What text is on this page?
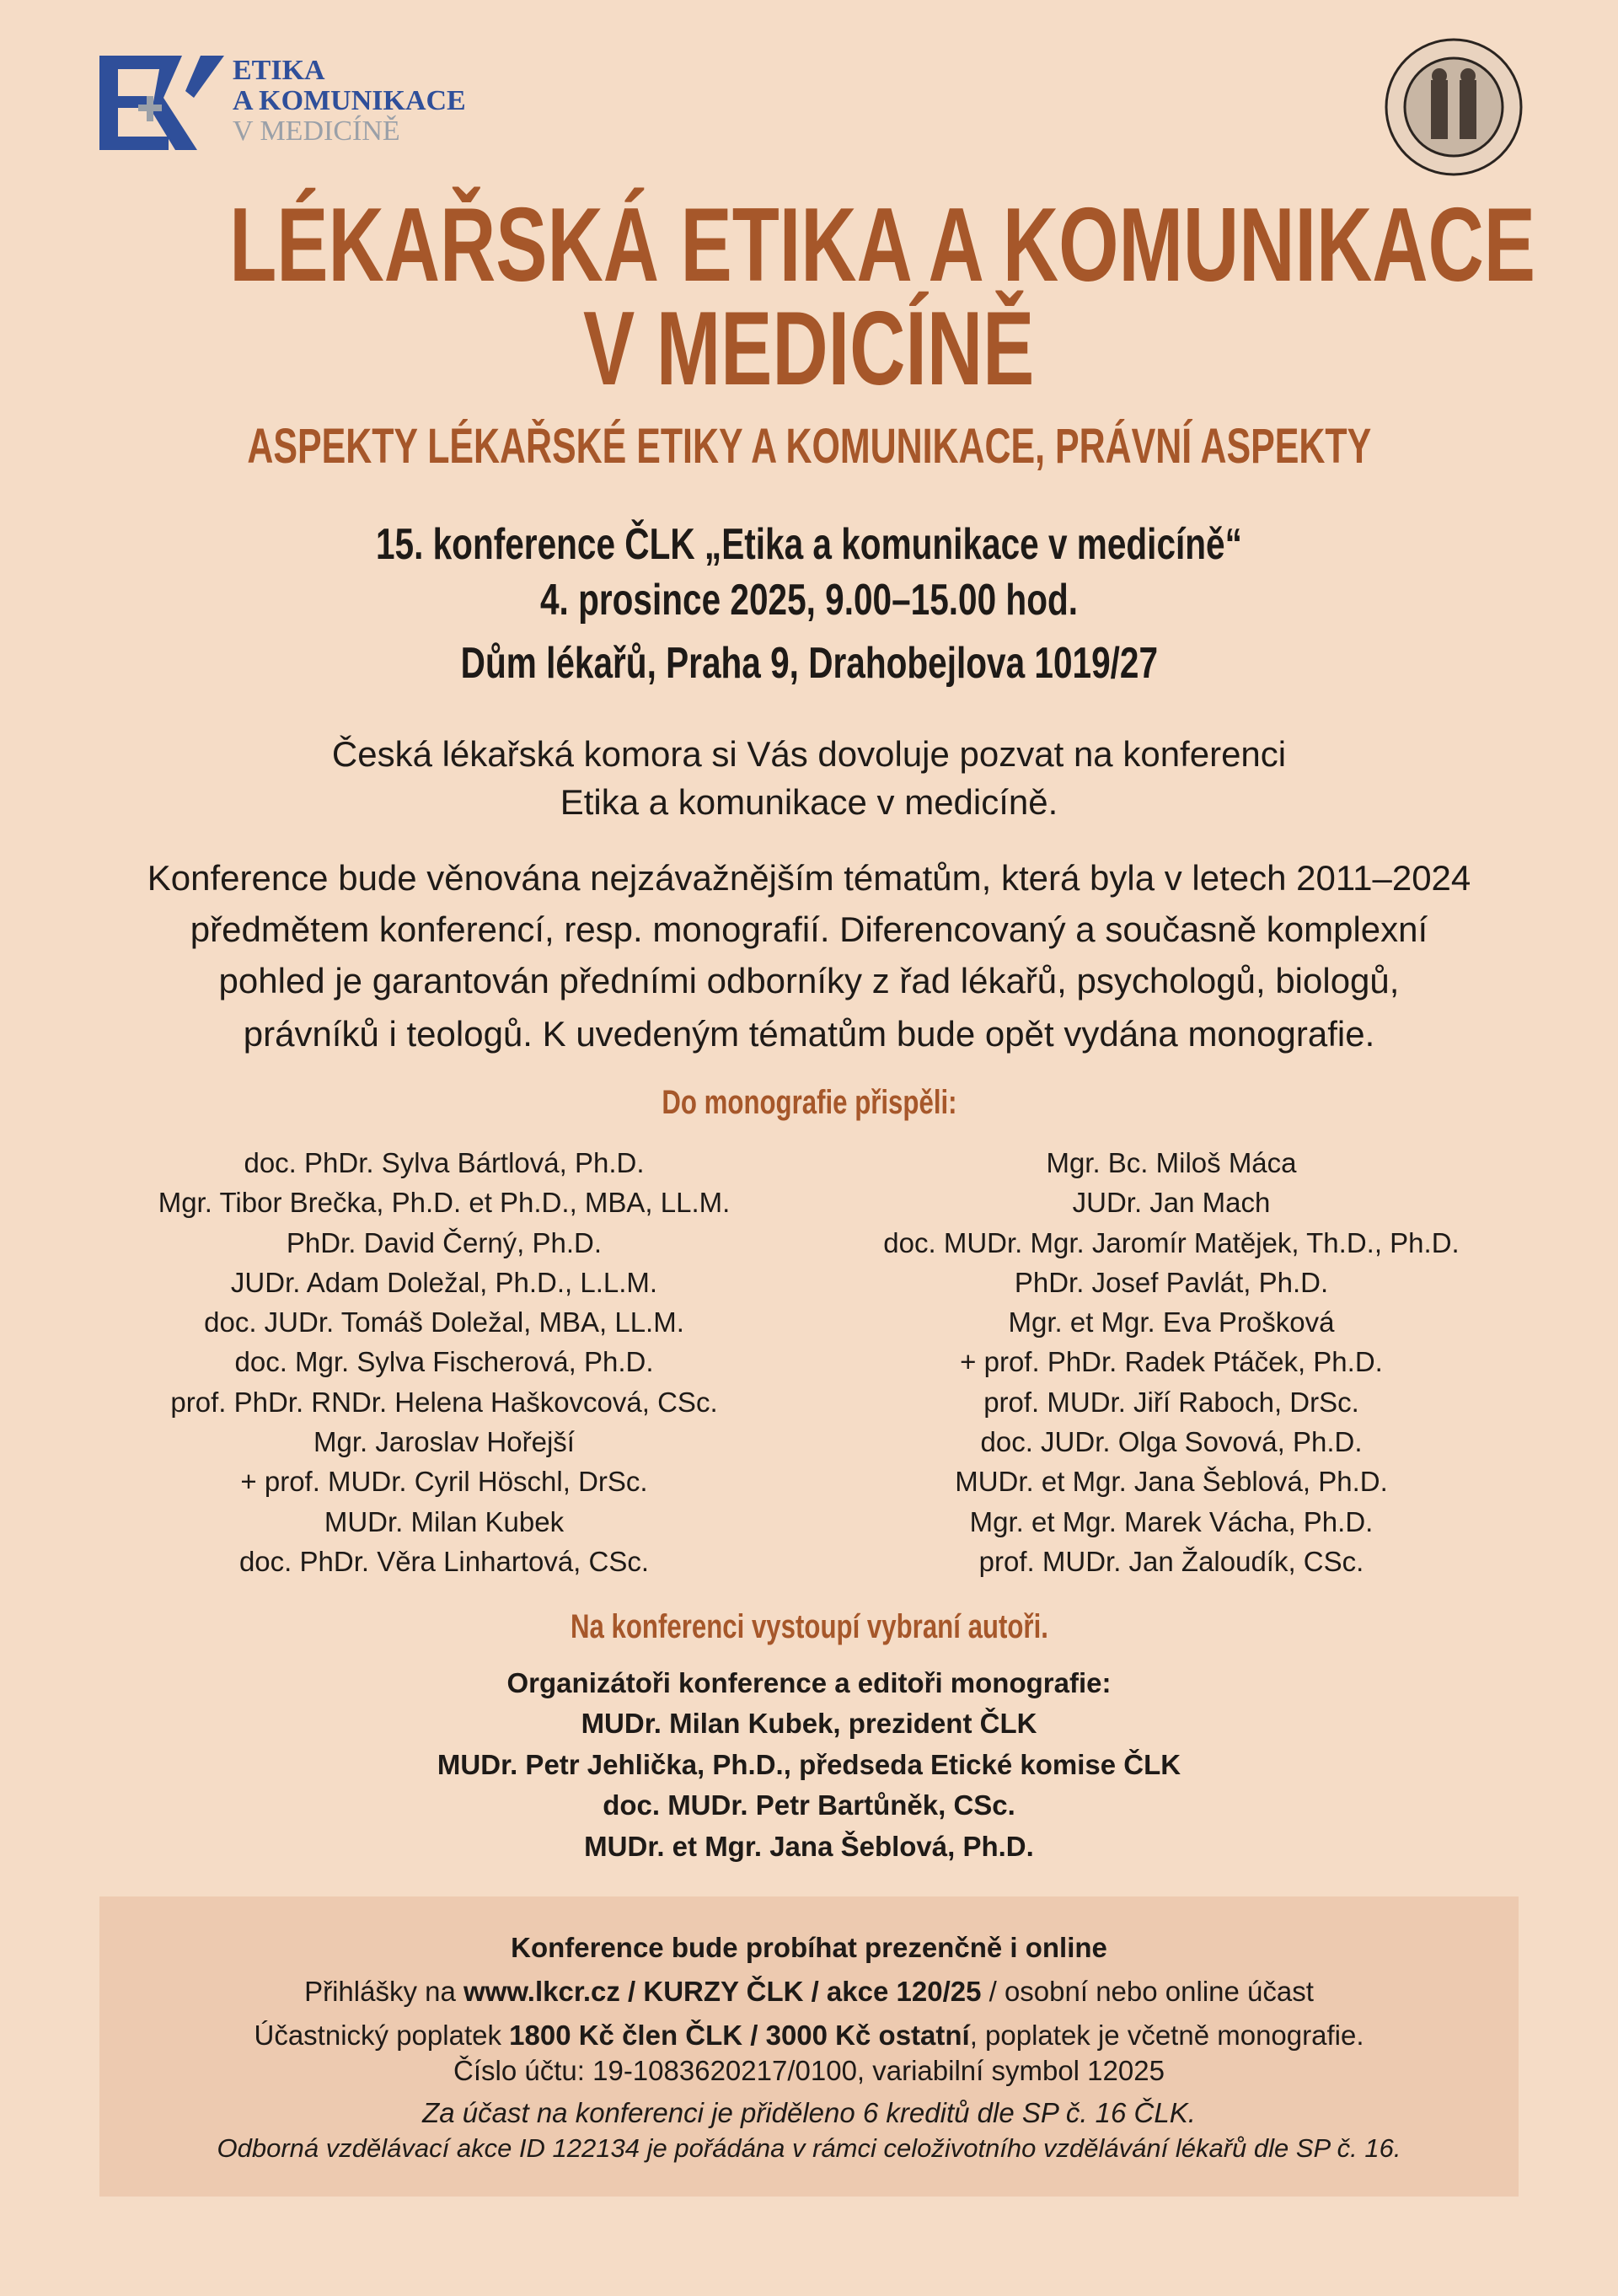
ETIKA
A KOMUNIKACE
V MEDICÍNĚ
LÉKAŘSKÁ ETIKA A KOMUNIKACE
V MEDICÍNĚ
ASPEKTY LÉKAŘSKÉ ETIKY A KOMUNIKACE, PRÁVNÍ ASPEKTY
15. konference ČLK „Etika a komunikace v medicíně“
4. prosince 2025, 9.00–15.00 hod.
Dům lékařů, Praha 9, Drahobejlova 1019/27
Česká lékařská komora si Vás dovoluje pozvat na konferenci
Etika a komunikace v medicíně.
Konference bude věnována nejzávažnějším tématům, která byla v letech 2011–2024
předmětem konferencí, resp. monografií. Diferencovaný a současně komplexní
pohled je garantován předními odborníky z řad lékařů, psychologů, biologů,
právníků i teologů. K uvedeným tématům bude opět vydána monografie.
Do monografie přispěli:
doc. PhDr. Sylva Bártlová, Ph.D.
Mgr. Tibor Brečka, Ph.D. et Ph.D., MBA, LL.M.
PhDr. David Černý, Ph.D.
JUDr. Adam Doležal, Ph.D., L.L.M.
doc. JUDr. Tomáš Doležal, MBA, LL.M.
doc. Mgr. Sylva Fischerová, Ph.D.
prof. PhDr. RNDr. Helena Haškovcová, CSc.
Mgr. Jaroslav Hořejší
+ prof. MUDr. Cyril Höschl, DrSc.
MUDr. Milan Kubek
doc. PhDr. Věra Linhartová, CSc.
Mgr. Bc. Miloš Máca
JUDr. Jan Mach
doc. MUDr. Mgr. Jaromír Matějek, Th.D., Ph.D.
PhDr. Josef Pavlát, Ph.D.
Mgr. et Mgr. Eva Prošková
+ prof. PhDr. Radek Ptáček, Ph.D.
prof. MUDr. Jiří Raboch, DrSc.
doc. JUDr. Olga Sovová, Ph.D.
MUDr. et Mgr. Jana Šeblová, Ph.D.
Mgr. et Mgr. Marek Vácha, Ph.D.
prof. MUDr. Jan Žaloudík, CSc.
Na konferenci vystoupí vybraní autoři.
Organizátoři konference a editoři monografie:
MUDr. Milan Kubek, prezident ČLK
MUDr. Petr Jehlička, Ph.D., předseda Etické komise ČLK
doc. MUDr. Petr Bartůněk, CSc.
MUDr. et Mgr. Jana Šeblová, Ph.D.
Konference bude probíhat prezenčně i online
Přihlášky na www.lkcr.cz / KURZY ČLK / akce 120/25 / osobní nebo online účast
Účastnický poplatek 1800 Kč člen ČLK / 3000 Kč ostatní, poplatek je včetně monografie.
Číslo účtu: 19-1083620217/0100, variabilní symbol 12025
Za účast na konferenci je přiděleno 6 kreditů dle SP č. 16 ČLK.
Odborná vzdělávací akce ID 122134 je pořádána v rámci celoživotního vzdělávání lékařů dle SP č. 16.
